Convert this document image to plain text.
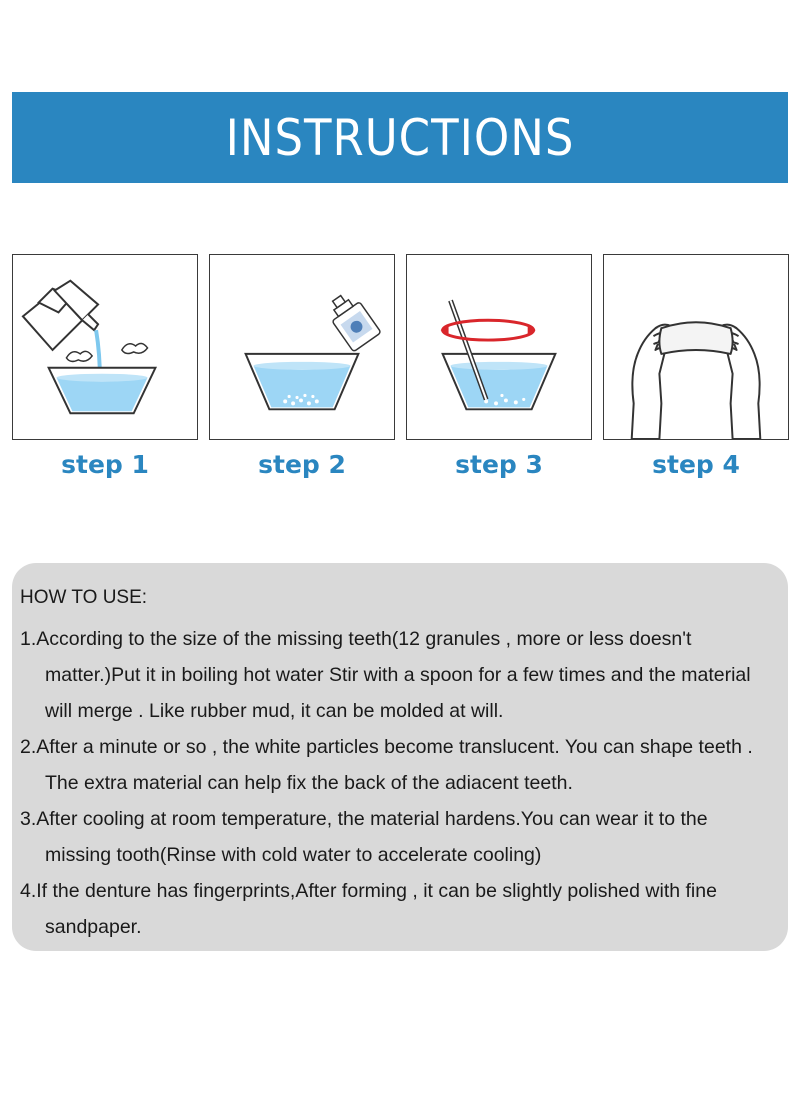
INSTRUCTIONS
step 1	step 2	step 3	step 4

HOW TO USE:

1.According to the size of the missing teeth(12 granules , more or less doesn't matter.)Put it in boiling hot water Stir with a spoon for a few times and the material will merge . Like rubber mud, it can be molded at will.

2.After a minute or so , the white particles become translucent. You can shape teeth . The extra material can help fix the back of the adiacent teeth.

3.After cooling at room temperature, the material hardens.You can wear it to the missing tooth(Rinse with cold water to accelerate cooling)

4.If the denture has fingerprints,After forming , it can be slightly polished with fine sandpaper.
